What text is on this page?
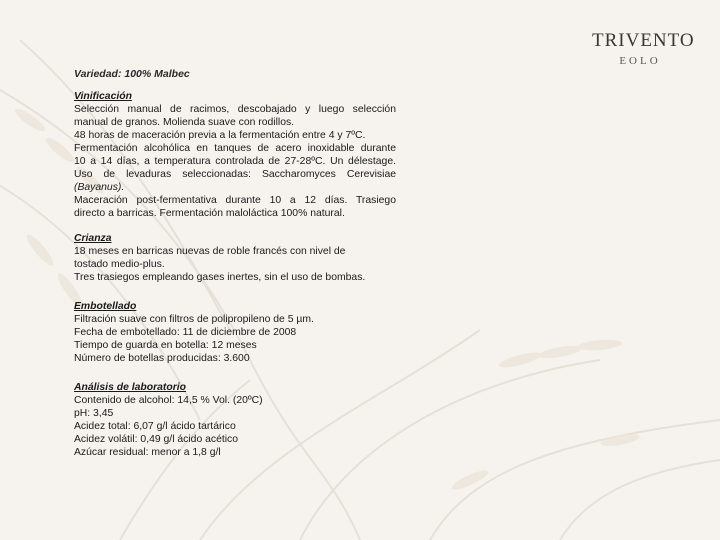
TRIVENTO
EOLO
Variedad: 100% Malbec
Vinificación
Selección manual de racimos, descobajado y luego selección
manual de granos. Molienda suave con rodillos.
48 horas de maceración previa a la fermentación entre 4 y 7ºC.
Fermentación alcohólica en tanques de acero inoxidable durante
10 a 14 días, a temperatura controlada de 27-28ºC. Un délestage.
Uso de levaduras seleccionadas: Saccharomyces Cerevisiae
(Bayanus).
Maceración post-fermentativa durante 10 a 12 días. Trasiego
directo a barricas. Fermentación maloláctica 100% natural.
Crianza
18 meses en barricas nuevas de roble francés con nivel de
tostado medio-plus.
Tres trasiegos empleando gases inertes, sin el uso de bombas.
Embotellado
Filtración suave con filtros de polipropileno de 5 µm.
Fecha de embotellado: 11 de diciembre de 2008
Tiempo de guarda en botella: 12 meses
Número de botellas producidas: 3.600
Análisis de laboratorio
Contenido de alcohol: 14,5 % Vol. (20ºC)
pH: 3,45
Acidez total: 6,07 g/l ácido tartárico
Acidez volátil: 0,49 g/l ácido acético
Azúcar residual: menor a 1,8 g/l
